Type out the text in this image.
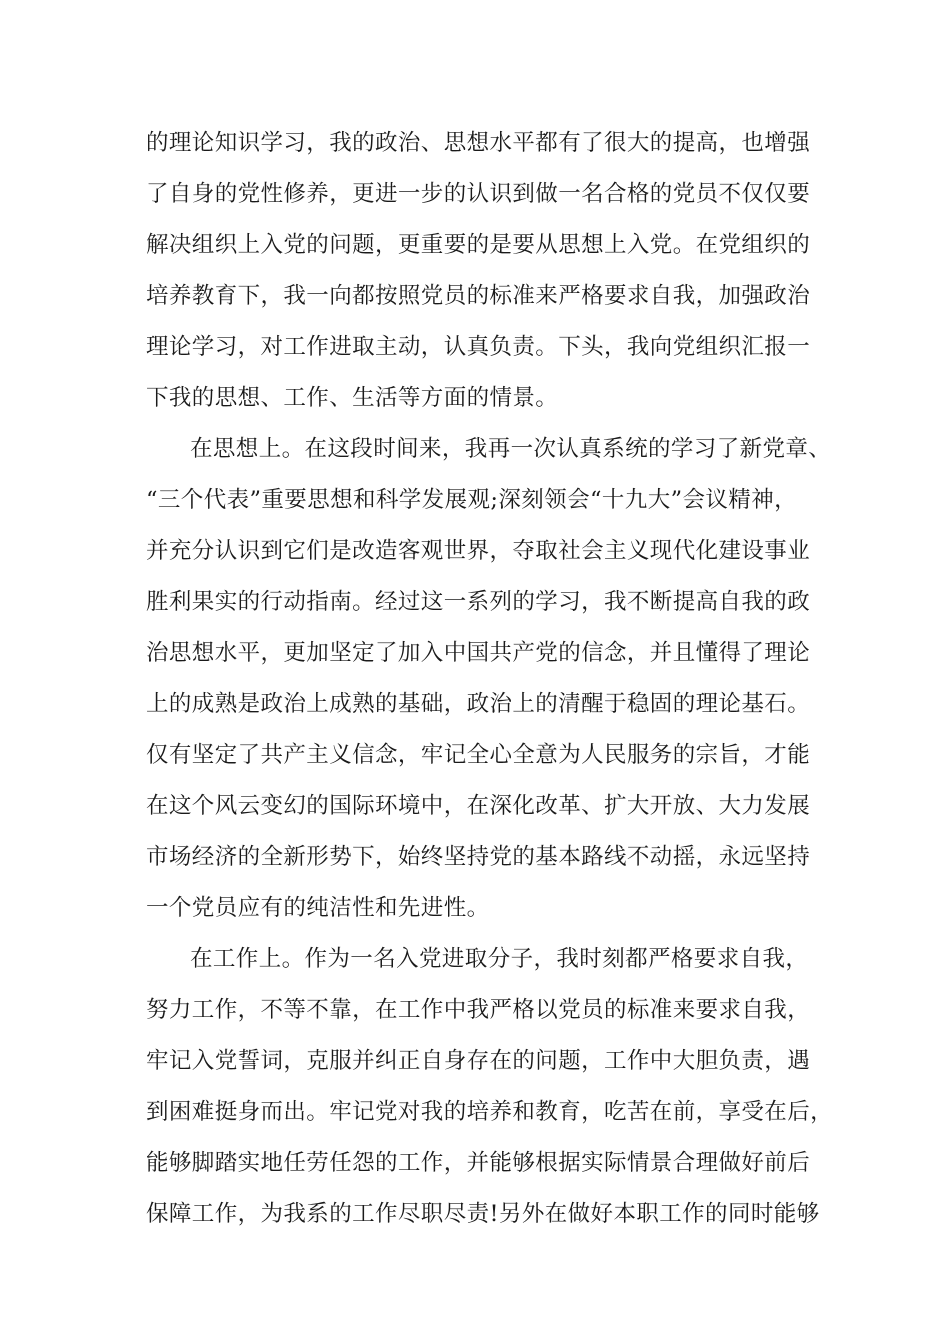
的理论知识学习，我的政治、思想水平都有了很大的提高，也增强
了自身的党性修养，更进一步的认识到做一名合格的党员不仅仅要
解决组织上入党的问题，更重要的是要从思想上入党。在党组织的
培养教育下，我一向都按照党员的标准来严格要求自我，加强政治
理论学习，对工作进取主动，认真负责。下头，我向党组织汇报一
下我的思想、工作、生活等方面的情景。
在思想上。在这段时间来，我再一次认真系统的学习了新党章、
“三个代表”重要思想和科学发展观;深刻领会“十九大”会议精神，
并充分认识到它们是改造客观世界，夺取社会主义现代化建设事业
胜利果实的行动指南。经过这一系列的学习，我不断提高自我的政
治思想水平，更加坚定了加入中国共产党的信念，并且懂得了理论
上的成熟是政治上成熟的基础，政治上的清醒于稳固的理论基石。
仅有坚定了共产主义信念，牢记全心全意为人民服务的宗旨，才能
在这个风云变幻的国际环境中，在深化改革、扩大开放、大力发展
市场经济的全新形势下，始终坚持党的基本路线不动摇，永远坚持
一个党员应有的纯洁性和先进性。
在工作上。作为一名入党进取分子，我时刻都严格要求自我，
努力工作，不等不靠，在工作中我严格以党员的标准来要求自我，
牢记入党誓词，克服并纠正自身存在的问题，工作中大胆负责，遇
到困难挺身而出。牢记党对我的培养和教育，吃苦在前，享受在后，
能够脚踏实地任劳任怨的工作，并能够根据实际情景合理做好前后
保障工作，为我系的工作尽职尽责!另外在做好本职工作的同时能够
